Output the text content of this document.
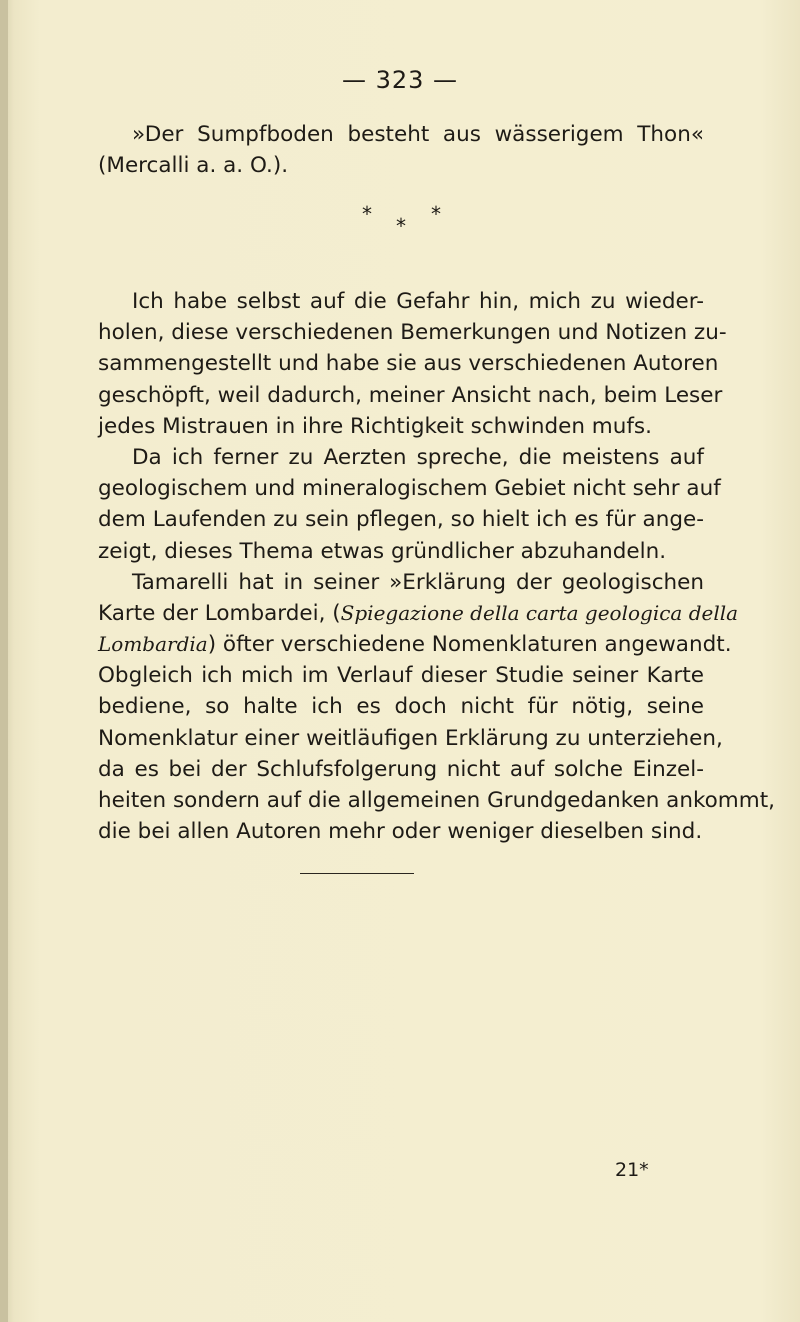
— 323 —
»Der Sumpfboden besteht aus wässerigem Thon«
(Mercalli a. a. O.).
*	*
*
Ich habe selbst auf die Gefahr hin, mich zu wieder-
holen, diese verschiedenen Bemerkungen und Notizen zu-
sammengestellt und habe sie aus verschiedenen Autoren
geschöpft, weil dadurch, meiner Ansicht nach, beim Leser
jedes Mistrauen in ihre Richtigkeit schwinden mufs.
Da ich ferner zu Aerzten spreche, die meistens auf
geologischem und mineralogischem Gebiet nicht sehr auf
dem Laufenden zu sein pflegen, so hielt ich es für ange-
zeigt, dieses Thema etwas gründlicher abzuhandeln.
Tamarelli hat in seiner »Erklärung der geologischen
Karte der Lombardei, (Spiegazione della carta geologica della
Lombardia) öfter verschiedene Nomenklaturen angewandt.
Obgleich ich mich im Verlauf dieser Studie seiner Karte
bediene, so halte ich es doch nicht für nötig, seine
Nomenklatur einer weitläufigen Erklärung zu unterziehen,
da es bei der Schlufsfolgerung nicht auf solche Einzel-
heiten sondern auf die allgemeinen Grundgedanken ankommt,
die bei allen Autoren mehr oder weniger dieselben sind.
21*
